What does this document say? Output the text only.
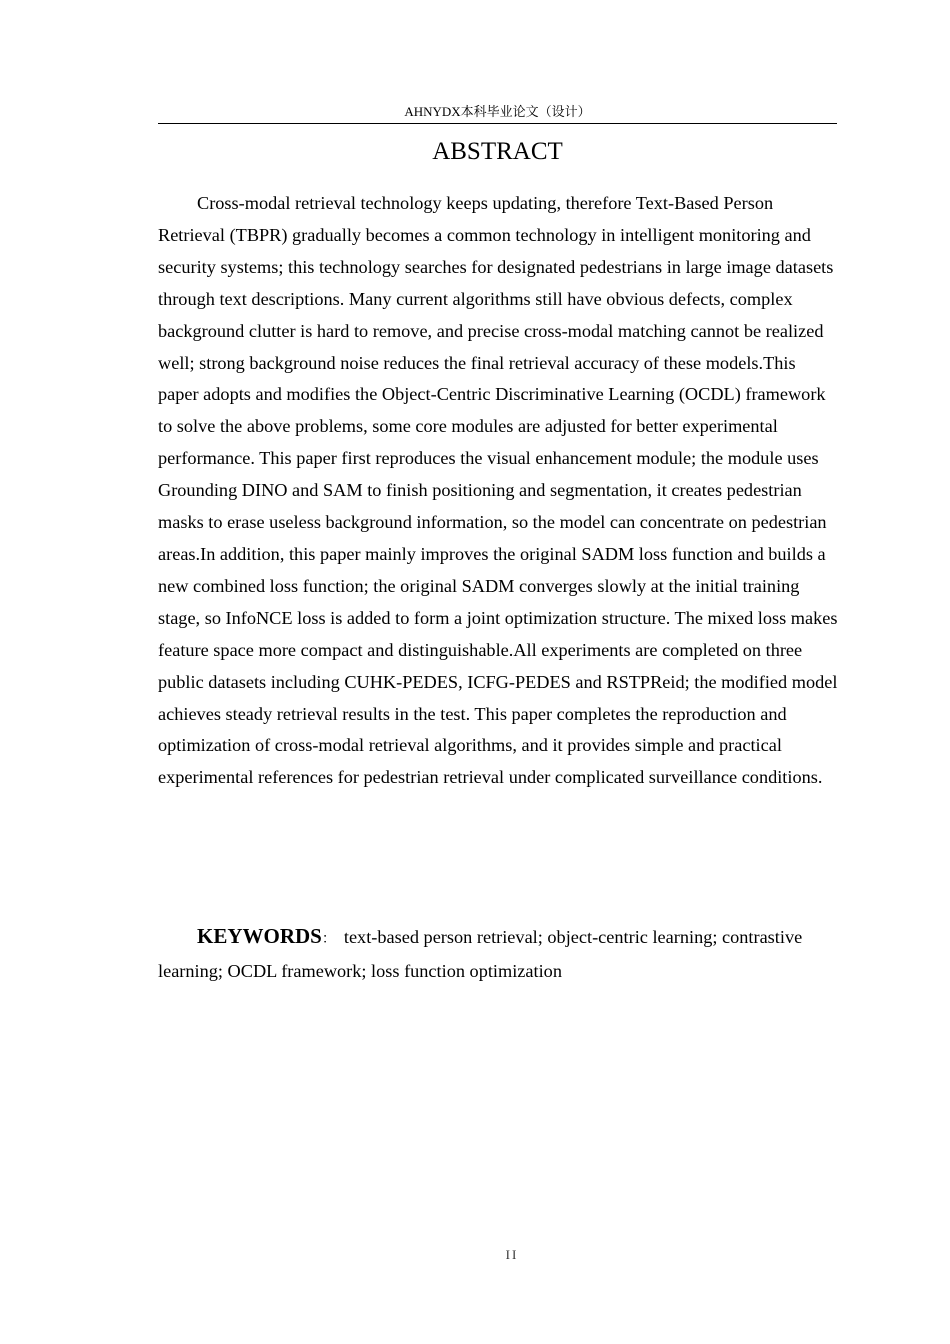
AHNYDX本科毕业论文（设计）
ABSTRACT

Cross-modal retrieval technology keeps updating, therefore Text-Based Person Retrieval (TBPR) gradually becomes a common technology in intelligent monitoring and security systems; this technology searches for designated pedestrians in large image datasets through text descriptions. Many current algorithms still have obvious defects, complex background clutter is hard to remove, and precise cross-modal matching cannot be realized well; strong background noise reduces the final retrieval accuracy of these models.This paper adopts and modifies the Object-Centric Discriminative Learning (OCDL) framework to solve the above problems, some core modules are adjusted for better experimental performance. This paper first reproduces the visual enhancement module; the module uses Grounding DINO and SAM to finish positioning and segmentation, it creates pedestrian masks to erase useless background information, so the model can concentrate on pedestrian areas.In addition, this paper mainly improves the original SADM loss function and builds a new combined loss function; the original SADM converges slowly at the initial training stage, so InfoNCE loss is added to form a joint optimization structure. The mixed loss makes feature space more compact and distinguishable.All experiments are completed on three public datasets including CUHK-PEDES, ICFG-PEDES and RSTPReid; the modified model achieves steady retrieval results in the test. This paper completes the reproduction and optimization of cross-modal retrieval algorithms, and it provides simple and practical experimental references for pedestrian retrieval under complicated surveillance conditions.

KEYWORDS： text-based person retrieval; object-centric learning; contrastive learning; OCDL framework; loss function optimization

II
